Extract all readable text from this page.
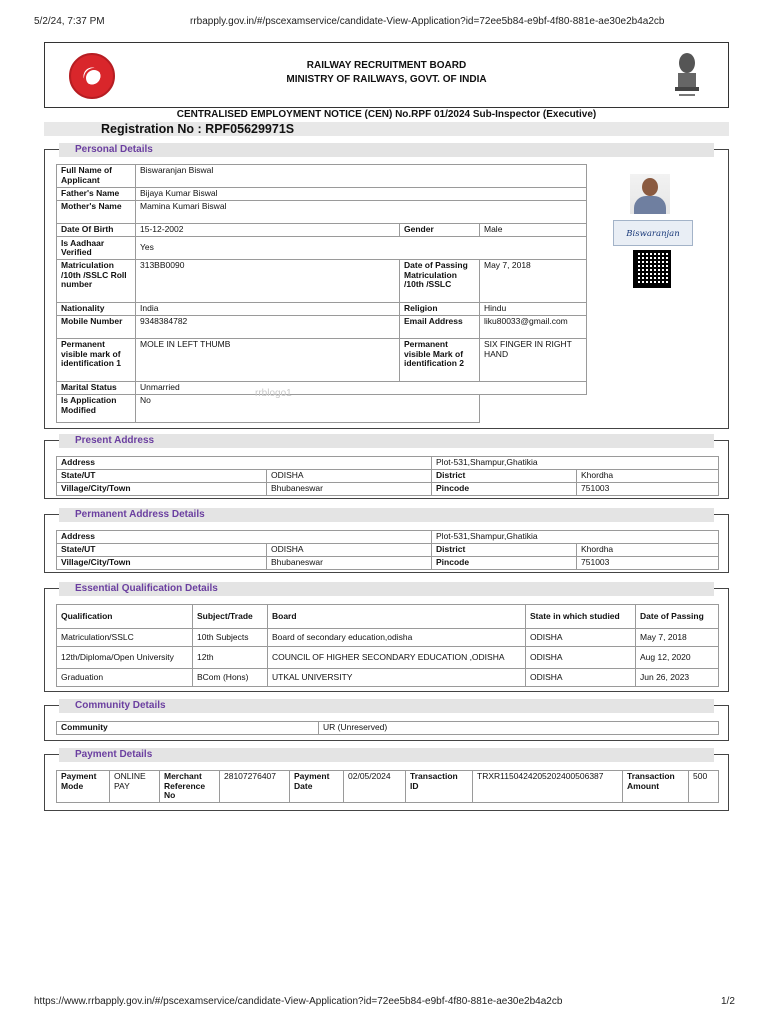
5/2/24, 7:37 PM	rrbapply.gov.in/#/pscexamservice/candidate-View-Application?id=72ee5b84-e9bf-4f80-881e-ae30e2b4a2cb
https://www.rrbapply.gov.in/#/pscexamservice/candidate-View-Application?id=72ee5b84-e9bf-4f80-881e-ae30e2b4a2cb	1/2
RAILWAY RECRUITMENT BOARD
MINISTRY OF RAILWAYS, GOVT. OF INDIA
CENTRALISED EMPLOYMENT NOTICE (CEN) No.RPF 01/2024 Sub-Inspector (Executive)
Registration No : RPF05629971S
Personal Details
Full Name of Applicant	Biswaranjan Biswal		
Father's Name	Bijaya Kumar Biswal		
Mother's Name	Mamina Kumari Biswal		
Date Of Birth	15-12-2002	Gender	Male
Is Aadhaar Verified	Yes		
Matriculation /10th /SSLC Roll number	313BB0090	Date of Passing Matriculation /10th /SSLC	May 7, 2018
Nationality	India	Religion	Hindu
Mobile Number	9348384782	Email Address	liku80033@gmail.com
Permanent visible mark of identification 1	MOLE IN LEFT THUMB	Permanent visible Mark of identification 2	SIX FINGER IN RIGHT HAND
Marital Status	Unmarried		
Is Application Modified	No		
rrblogo1
Biswaranjan
Present Address
Address		Plot-531,Shampur,Ghatikia	
State/UT	ODISHA	District	Khordha
Village/City/Town	Bhubaneswar	Pincode	751003
Permanent Address Details
Address		Plot-531,Shampur,Ghatikia	
State/UT	ODISHA	District	Khordha
Village/City/Town	Bhubaneswar	Pincode	751003
Essential Qualification Details
Qualification	Subject/Trade	Board	State in which studied	Date of Passing
Matriculation/SSLC	10th Subjects	Board of secondary education,odisha	ODISHA	May 7, 2018
12th/Diploma/Open University	12th	COUNCIL OF HIGHER SECONDARY EDUCATION ,ODISHA	ODISHA	Aug 12, 2020
Graduation	BCom (Hons)	UTKAL UNIVERSITY	ODISHA	Jun 26, 2023
Community Details
Community	UR (Unreserved)
Payment Details
Payment Mode	ONLINE PAY	Merchant Reference No	28107276407	Payment Date	02/05/2024	Transaction ID	TRXR11504242052024005063​87	Transaction Amount	500
